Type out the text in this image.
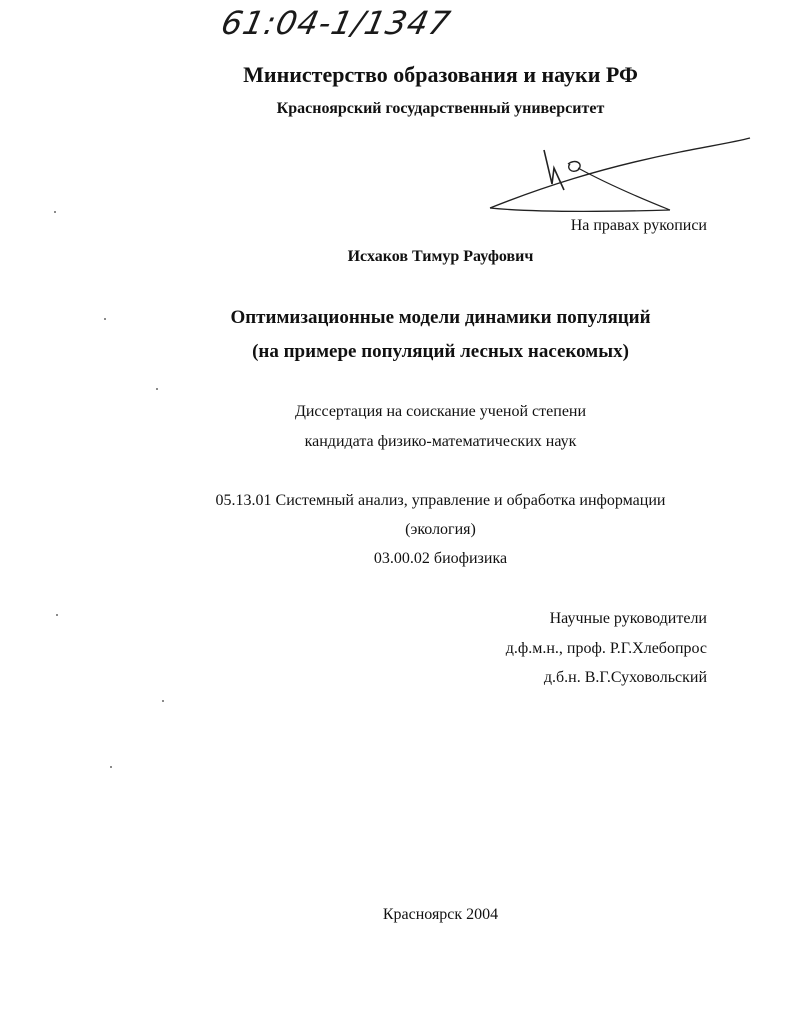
61:04-1/1347
Министерство образования и науки РФ
Красноярский государственный университет
На правах рукописи
Исхаков Тимур Рауфович
Оптимизационные модели динамики популяций
(на примере популяций лесных насекомых)
Диссертация на соискание ученой степени
кандидата физико-математических наук
05.13.01 Системный анализ, управление и обработка информации
(экология)
03.00.02 биофизика
Научные руководители
д.ф.м.н., проф. Р.Г.Хлебопрос
д.б.н. В.Г.Суховольский
Красноярск 2004
